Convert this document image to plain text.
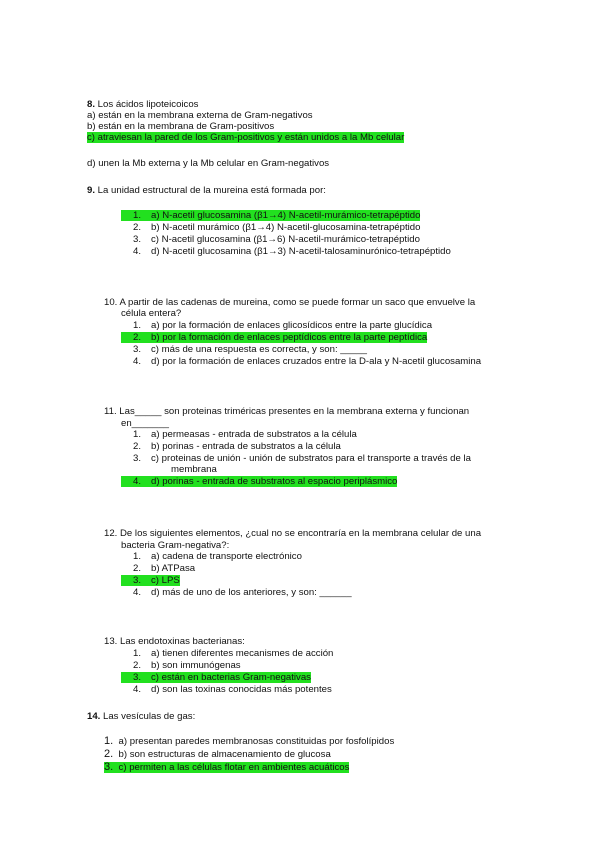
8. Los ácidos lipoteicoicos
a) están en la membrana externa de Gram-negativos
b) están en la membrana de Gram-positivos
c) atraviesan la pared de los Gram-positivos y están unidos a la Mb celular
d) unen la Mb externa y la Mb celular en Gram-negativos
9. La unidad estructural de la mureina está formada por:
1. a) N-acetil glucosamina (β1→4) N-acetil-murámico-tetrapéptido
2. b) N-acetil murámico (β1→4) N-acetil-glucosamina-tetrapéptido
3. c) N-acetil glucosamina (β1→6) N-acetil-murámico-tetrapéptido
4. d) N-acetil glucosamina (β1→3) N-acetil-talosaminurónico-tetrapéptido
10. A partir de las cadenas de mureina, como se puede formar un saco que envuelve la
célula entera?
1. a) por la formación de enlaces glicosídicos entre la parte glucídica
2. b) por la formación de enlaces peptídicos entre la parte peptídica
3. c) más de una respuesta es correcta, y son: _____
4. d) por la formación de enlaces cruzados entre la D-ala y N-acetil glucosamina
11. Las_____ son proteinas triméricas presentes en la membrana externa y funcionan
en_______
1. a) permeasas - entrada de substratos a la célula
2. b) porinas - entrada de substratos a la célula
3. c) proteinas de unión - unión de substratos para el transporte a través de la
membrana
4. d) porinas - entrada de substratos al espacio periplásmico
12. De los siguientes elementos, ¿cual no se encontraría en la membrana celular de una
bacteria Gram-negativa?:
1. a) cadena de transporte electrónico
2. b) ATPasa
3. c) LPS
4. d) más de uno de los anteriores, y son: ______
13. Las endotoxinas bacterianas:
1. a) tienen diferentes mecanismes de acción
2. b) son immunógenas
3. c) están en bacterias Gram-negativas
4. d) son las toxinas conocidas más potentes
14. Las vesículas de gas:
1. a) presentan paredes membranosas constituidas por fosfolípidos
2. b) son estructuras de almacenamiento de glucosa
3. c) permiten a las células flotar en ambientes acuáticos
